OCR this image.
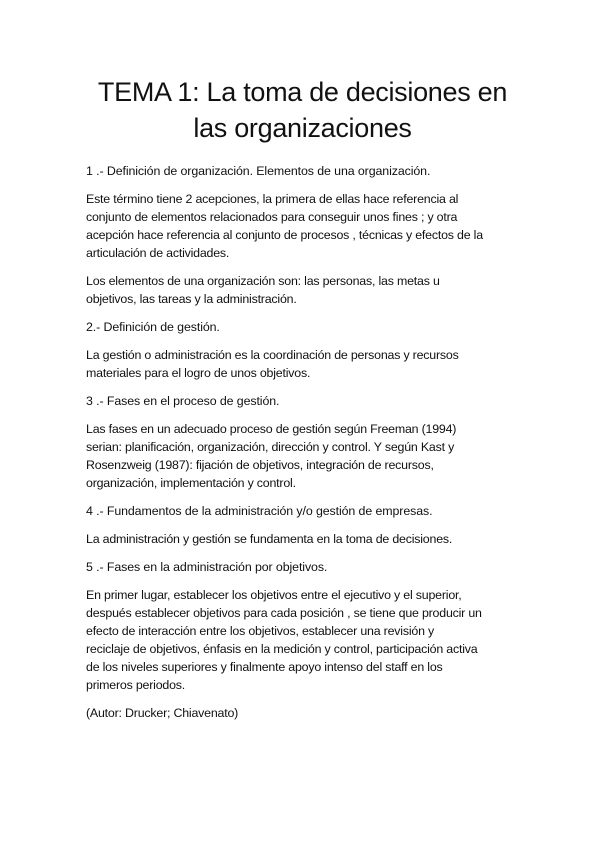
TEMA 1: La toma de decisiones en
las organizaciones
1 .- Definición de organización. Elementos de una organización.

Este término tiene 2 acepciones, la primera de ellas hace referencia al
conjunto de elementos relacionados para conseguir unos fines ; y otra
acepción hace referencia al conjunto de procesos , técnicas y efectos de la
articulación de actividades.

Los elementos de una organización son: las personas, las metas u
objetivos, las tareas y la administración.

2.- Definición de gestión.

La gestión o administración es la coordinación de personas y recursos
materiales para el logro de unos objetivos.

3 .- Fases en el proceso de gestión.

Las fases en un adecuado proceso de gestión según Freeman (1994)
serian: planificación, organización, dirección y control. Y según Kast y
Rosenzweig (1987): fijación de objetivos, integración de recursos,
organización, implementación y control.

4 .- Fundamentos de la administración y/o gestión de empresas.

La administración y gestión se fundamenta en la toma de decisiones.

5 .- Fases en la administración por objetivos.

En primer lugar, establecer los objetivos entre el ejecutivo y el superior,
después establecer objetivos para cada posición , se tiene que producir un
efecto de interacción entre los objetivos, establecer una revisión y
reciclaje de objetivos, énfasis en la medición y control, participación activa
de los niveles superiores y finalmente apoyo intenso del staff en los
primeros periodos.

(Autor: Drucker; Chiavenato)
